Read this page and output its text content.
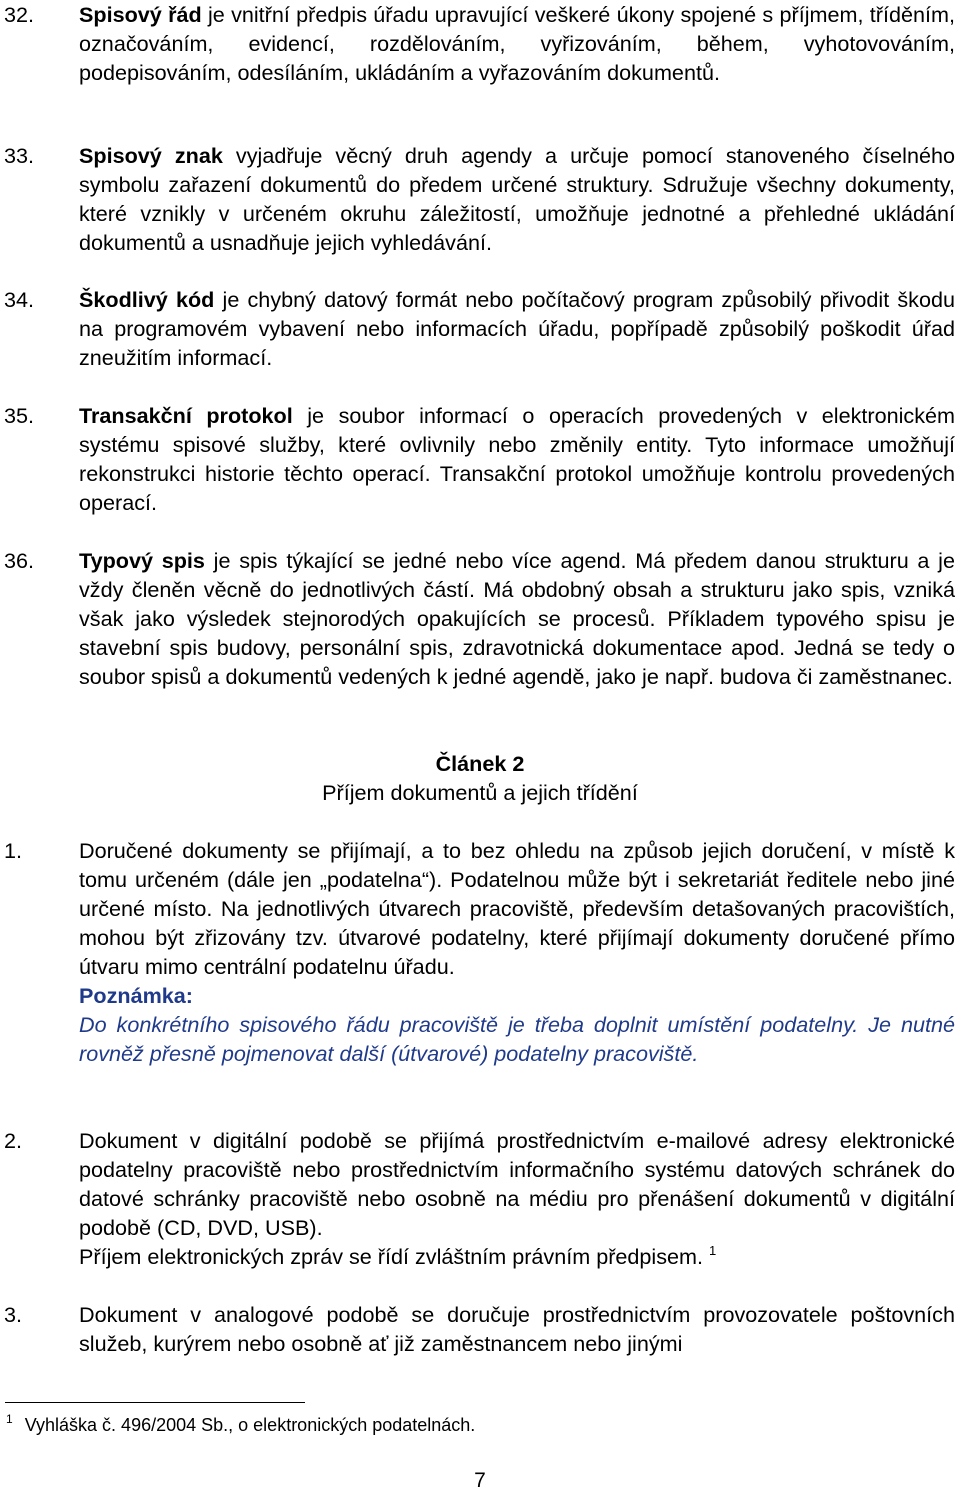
32. Spisový řád je vnitřní předpis úřadu upravující veškeré úkony spojené s příjmem, tříděním, označováním, evidencí, rozdělováním, vyřizováním, během, vyhotovováním, podepisováním, odesíláním, ukládáním a vyřazováním dokumentů.
33. Spisový znak vyjadřuje věcný druh agendy a určuje pomocí stanoveného číselného symbolu zařazení dokumentů do předem určené struktury. Sdružuje všechny dokumenty, které vznikly v určeném okruhu záležitostí, umožňuje jednotné a přehledné ukládání dokumentů a usnadňuje jejich vyhledávání.
34. Škodlivý kód je chybný datový formát nebo počítačový program způsobilý přivodit škodu na programovém vybavení nebo informacích úřadu, popřípadě způsobilý poškodit úřad zneužitím informací.
35. Transakční protokol je soubor informací o operacích provedených v elektronickém systému spisové služby, které ovlivnily nebo změnily entity. Tyto informace umožňují rekonstrukci historie těchto operací. Transakční protokol umožňuje kontrolu provedených operací.
36. Typový spis je spis týkající se jedné nebo více agend. Má předem danou strukturu a je vždy členěn věcně do jednotlivých částí. Má obdobný obsah a strukturu jako spis, vzniká však jako výsledek stejnorodých opakujících se procesů. Příkladem typového spisu je stavební spis budovy, personální spis, zdravotnická dokumentace apod. Jedná se tedy o soubor spisů a dokumentů vedených k jedné agendě, jako je např. budova či zaměstnanec.
Článek 2
Příjem dokumentů a jejich třídění
1.	Doručené dokumenty se přijímají, a to bez ohledu na způsob jejich doručení, v místě k tomu určeném (dále jen „podatelna“). Podatelnou může být i sekretariát ředitele nebo jiné určené místo. Na jednotlivých útvarech pracoviště, především detašovaných pracovištích, mohou být zřizovány tzv. útvarové podatelny, které přijímají dokumenty doručené přímo útvaru mimo centrální podatelnu úřadu.
Poznámka:
Do konkrétního spisového řádu pracoviště je třeba doplnit umístění podatelny. Je nutné rovněž přesně pojmenovat další (útvarové) podatelny pracoviště.
2.	Dokument v digitální podobě se přijímá prostřednictvím e-mailové adresy elektronické podatelny pracoviště nebo prostřednictvím informačního systému datových schránek do datové schránky pracoviště nebo osobně na médiu pro přenášení dokumentů v digitální podobě (CD, DVD, USB).
Příjem elektronických zpráv se řídí zvláštním právním předpisem. $^1$
3.	Dokument v analogové podobě se doručuje prostřednictvím provozovatele poštovních služeb, kurýrem nebo osobně ať již zaměstnancem nebo jinými
$^1$ Vyhláška č. 496/2004 Sb., o elektronických podatelnách.
7
